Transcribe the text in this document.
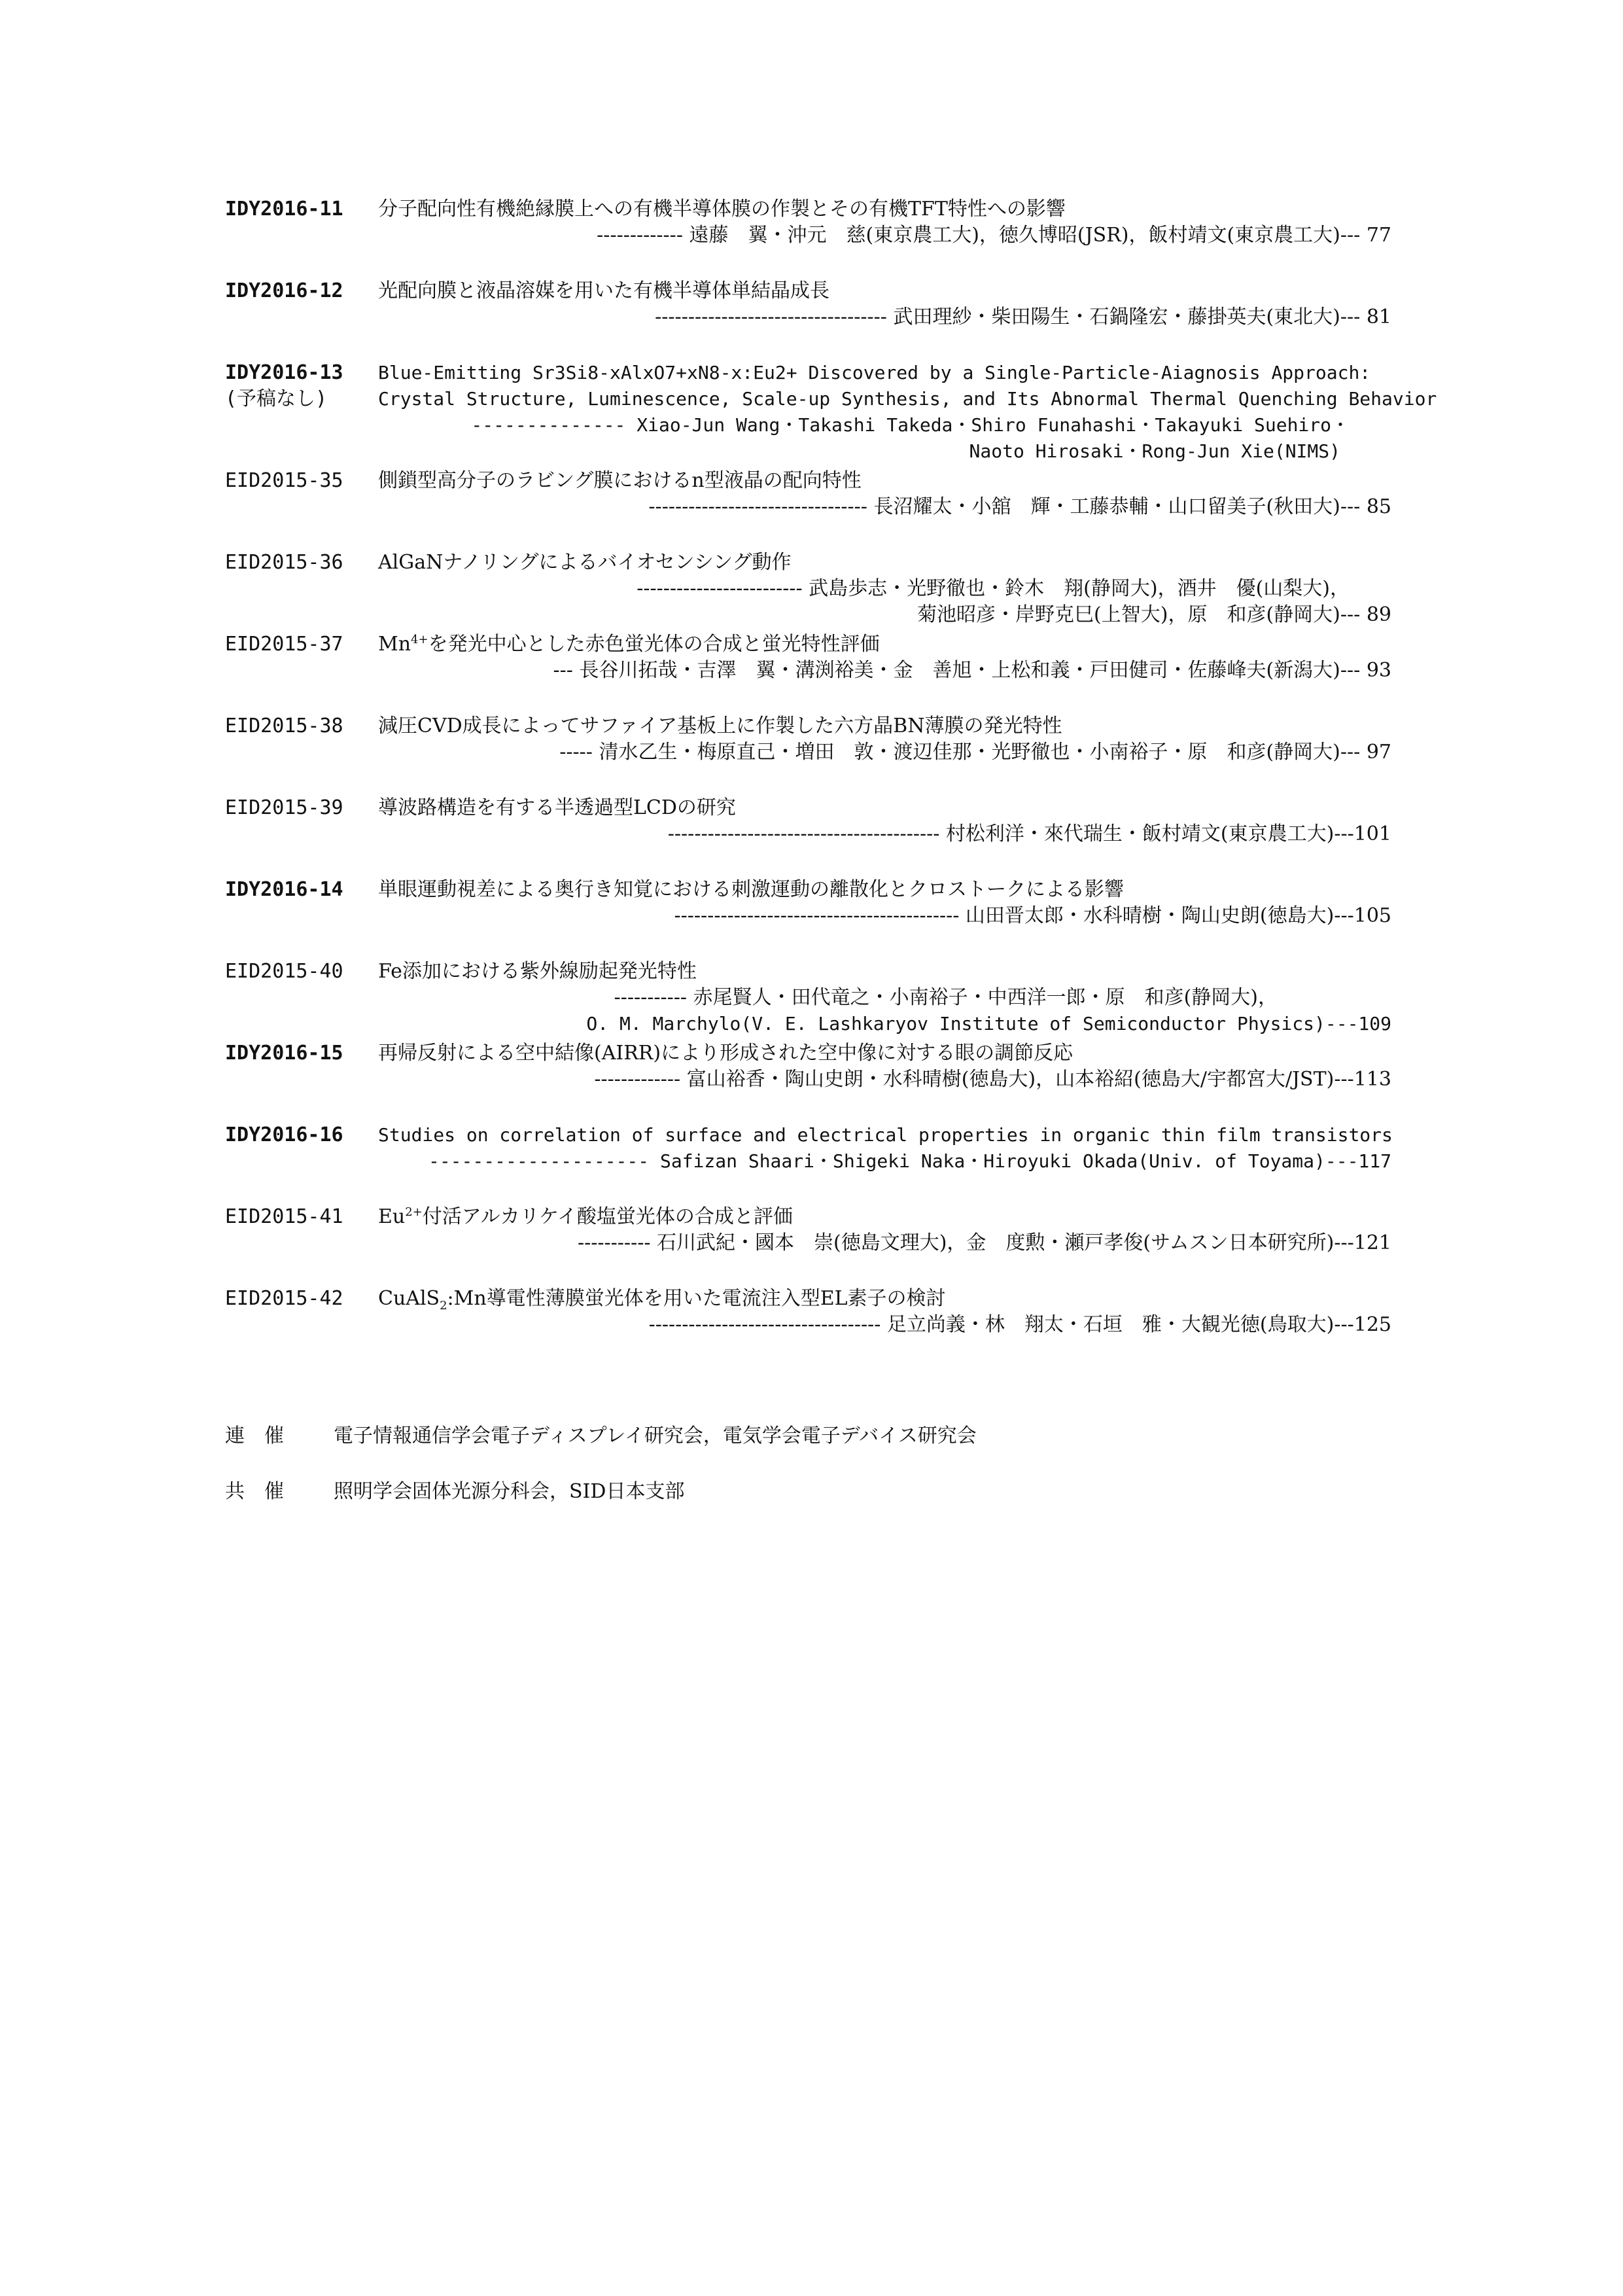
IDY2016-11 分子配向性有機絶縁膜上への有機半導体膜の作製とその有機TFT特性への影響
------------- 遠藤　翼・沖元　慈(東京農工大)，徳久博昭(JSR)，飯村靖文(東京農工大)--- 77
IDY2016-12 光配向膜と液晶溶媒を用いた有機半導体単結晶成長
----------------------------------- 武田理紗・柴田陽生・石鍋隆宏・藤掛英夫(東北大)--- 81
IDY2016-13
(予稿なし)
Blue-Emitting Sr3Si8-xAlxO7+xN8-x:Eu2+ Discovered by a Single-Particle-Aiagnosis Approach:
Crystal Structure, Luminescence, Scale-up Synthesis, and Its Abnormal Thermal Quenching Behavior
-------------- Xiao-Jun Wang・Takashi Takeda・Shiro Funahashi・Takayuki Suehiro・
Naoto Hirosaki・Rong-Jun Xie(NIMS)
EID2015-35 側鎖型高分子のラビング膜におけるn型液晶の配向特性
--------------------------------- 長沼耀太・小舘　輝・工藤恭輔・山口留美子(秋田大)--- 85
EID2015-36 AlGaNナノリングによるバイオセンシング動作
------------------------- 武島歩志・光野徹也・鈴木　翔(静岡大)，酒井　優(山梨大)，
菊池昭彦・岸野克巳(上智大)，原　和彦(静岡大)--- 89
EID2015-37 $Mn^{4+}$を発光中心とした赤色蛍光体の合成と蛍光特性評価
--- 長谷川拓哉・吉澤　翼・溝渕裕美・金　善旭・上松和義・戸田健司・佐藤峰夫(新潟大)--- 93
EID2015-38 減圧CVD成長によってサファイア基板上に作製した六方晶BN薄膜の発光特性
----- 清水乙生・梅原直己・増田　敦・渡辺佳那・光野徹也・小南裕子・原　和彦(静岡大)--- 97
EID2015-39 導波路構造を有する半透過型LCDの研究
----------------------------------------- 村松利洋・來代瑞生・飯村靖文(東京農工大)---101
IDY2016-14 単眼運動視差による奥行き知覚における刺激運動の離散化とクロストークによる影響
------------------------------------------- 山田晋太郎・水科晴樹・陶山史朗(徳島大)---105
EID2015-40 Fe添加における紫外線励起発光特性
----------- 赤尾賢人・田代竜之・小南裕子・中西洋一郎・原　和彦(静岡大)，
O. M. Marchylo(V. E. Lashkaryov Institute of Semiconductor Physics)---109
IDY2016-15 再帰反射による空中結像(AIRR)により形成された空中像に対する眼の調節反応
------------- 富山裕香・陶山史朗・水科晴樹(徳島大)，山本裕紹(徳島大/宇都宮大/JST)---113
IDY2016-16 Studies on correlation of surface and electrical properties in organic thin film transistors
-------------------- Safizan Shaari・Shigeki Naka・Hiroyuki Okada(Univ. of Toyama)---117
EID2015-41 $Eu^{2+}$付活アルカリケイ酸塩蛍光体の合成と評価
----------- 石川武紀・國本　崇(徳島文理大)，金　度勲・瀬戸孝俊(サムスン日本研究所)---121
EID2015-42 CuAlS$_2$:Mn導電性薄膜蛍光体を用いた電流注入型EL素子の検討
----------------------------------- 足立尚義・林　翔太・石垣　雅・大観光徳(鳥取大)---125
連催 電子情報通信学会電子ディスプレイ研究会，電気学会電子デバイス研究会
共催 照明学会固体光源分科会，SID日本支部
